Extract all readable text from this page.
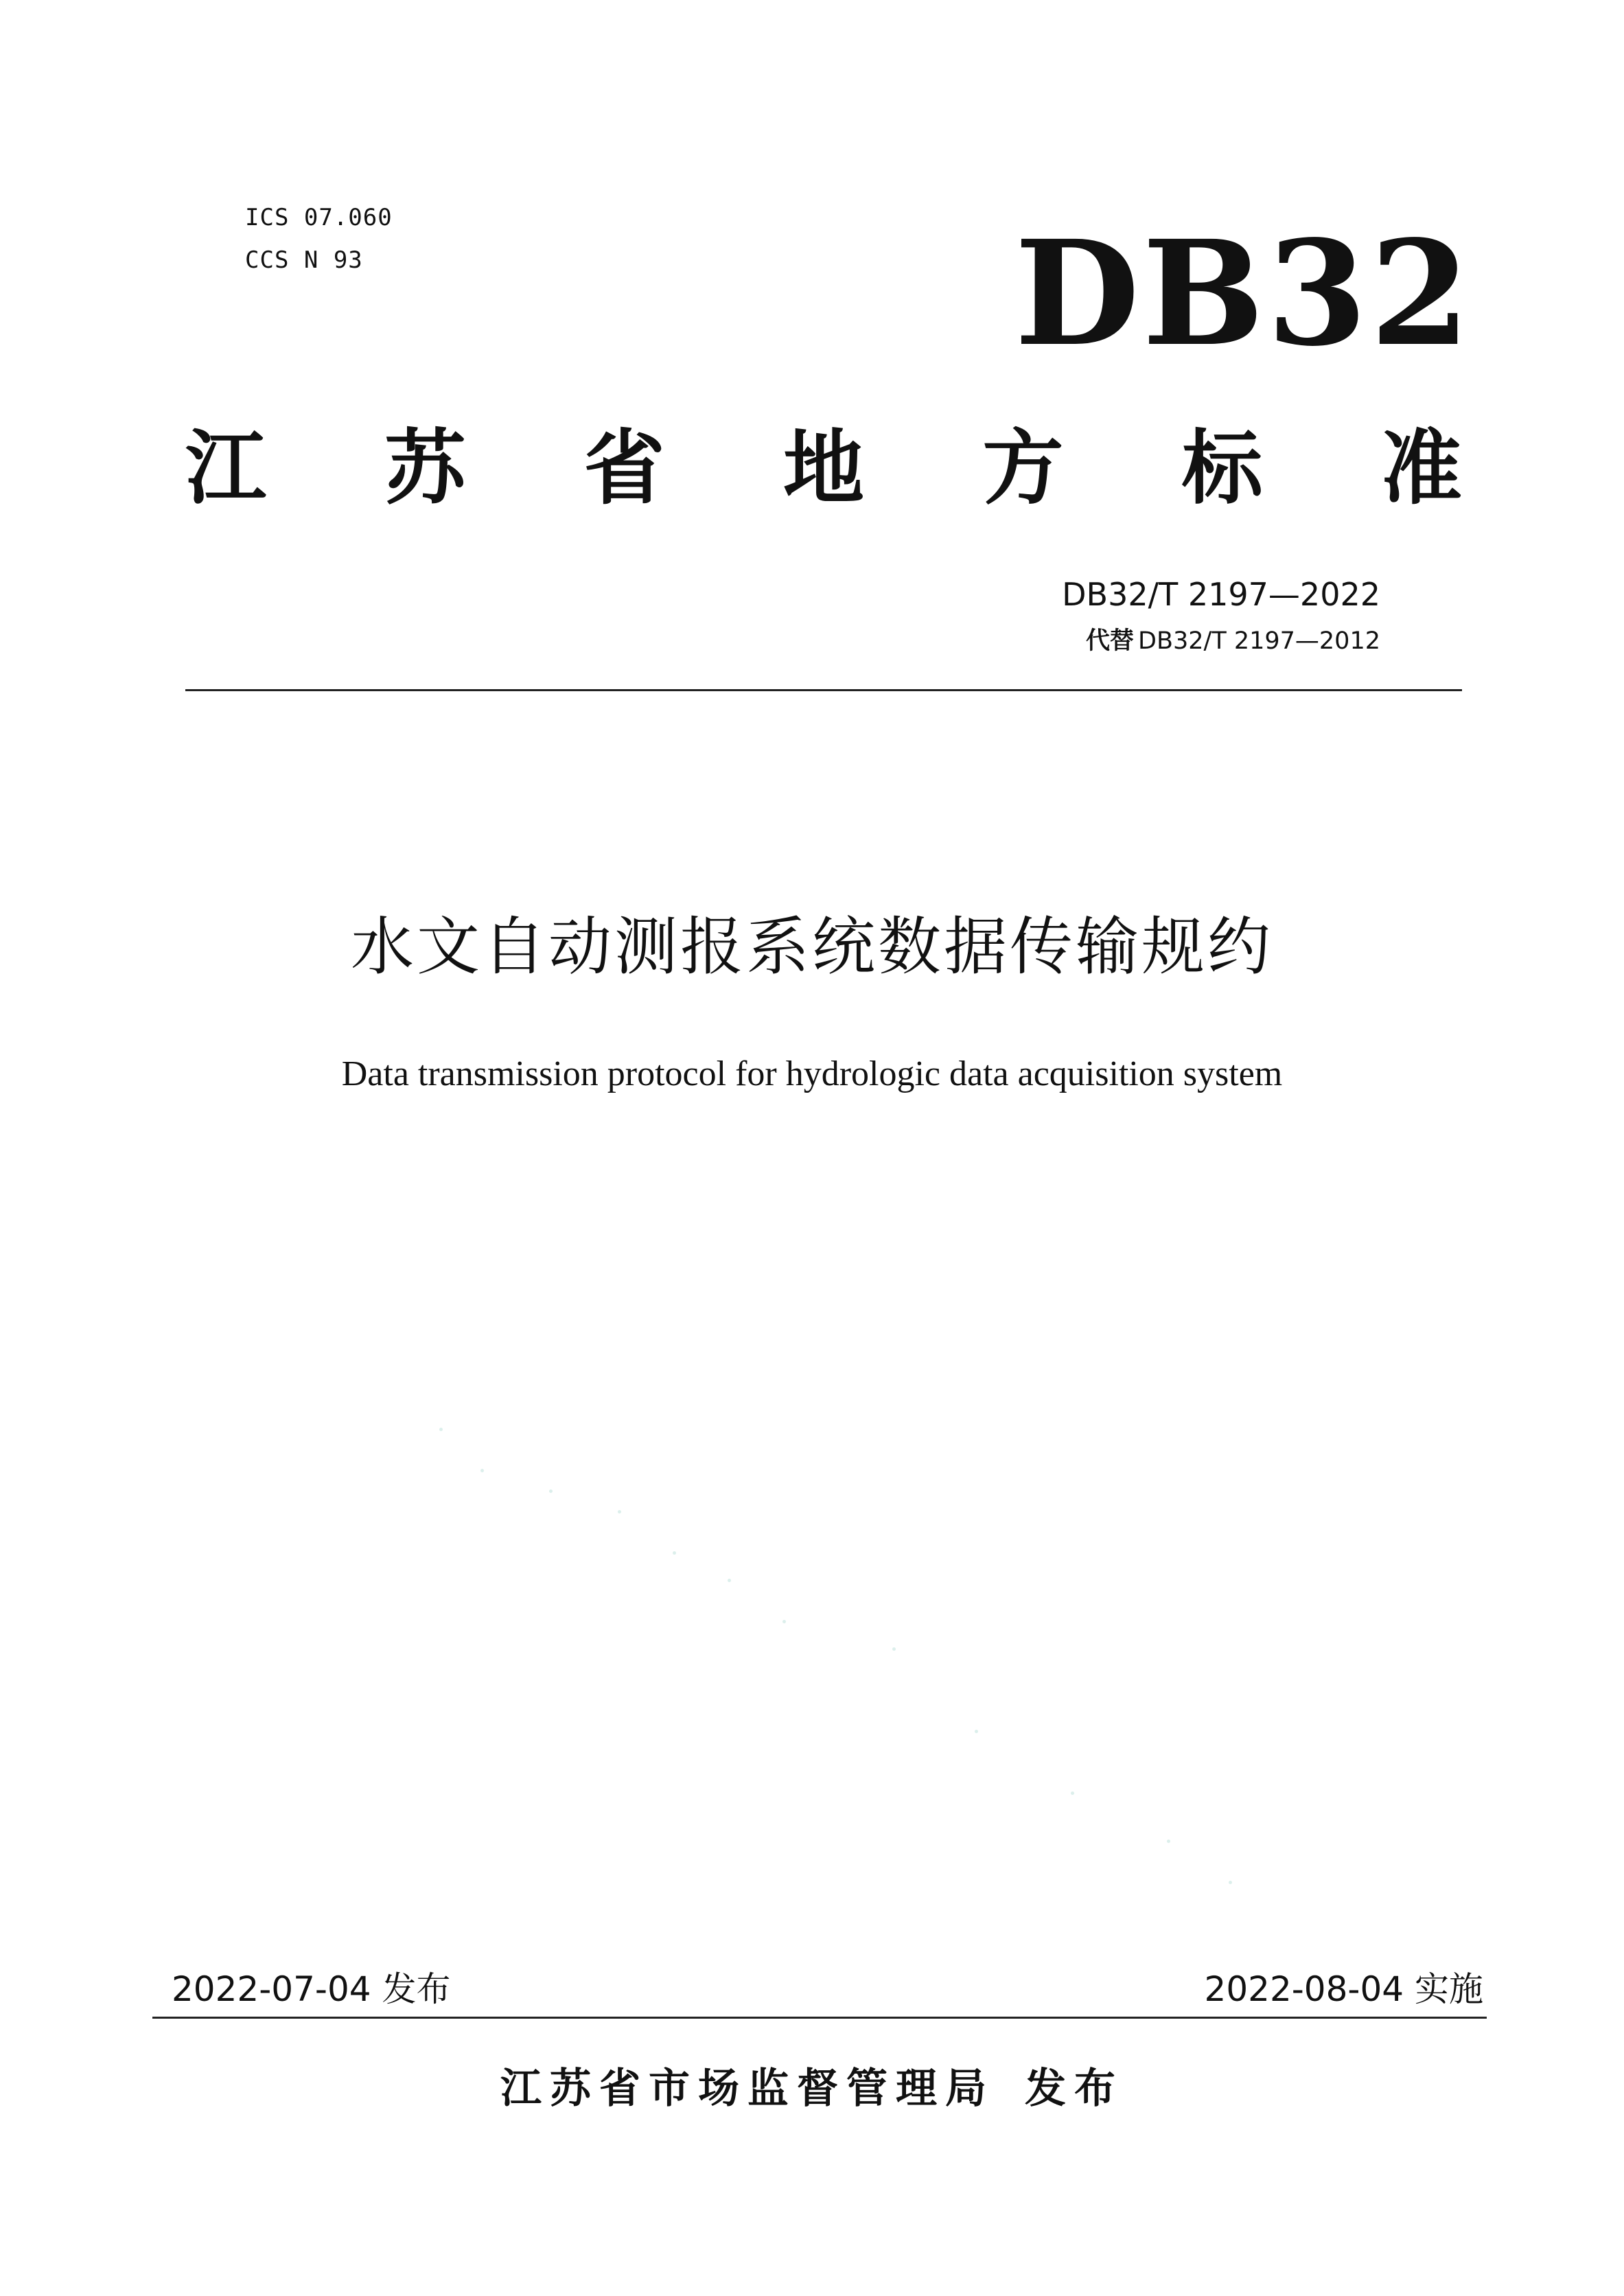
ICS 07.060
CCS N 93	DB32
江 苏 省 地 方 标 准
DB32/T 2197—2022
代替 DB32/T 2197—2012
水文自动测报系统数据传输规约
Data transmission protocol for hydrologic data acquisition system
2022-07-04 发布	2022-08-04 实施
江苏省市场监督管理局 发布
